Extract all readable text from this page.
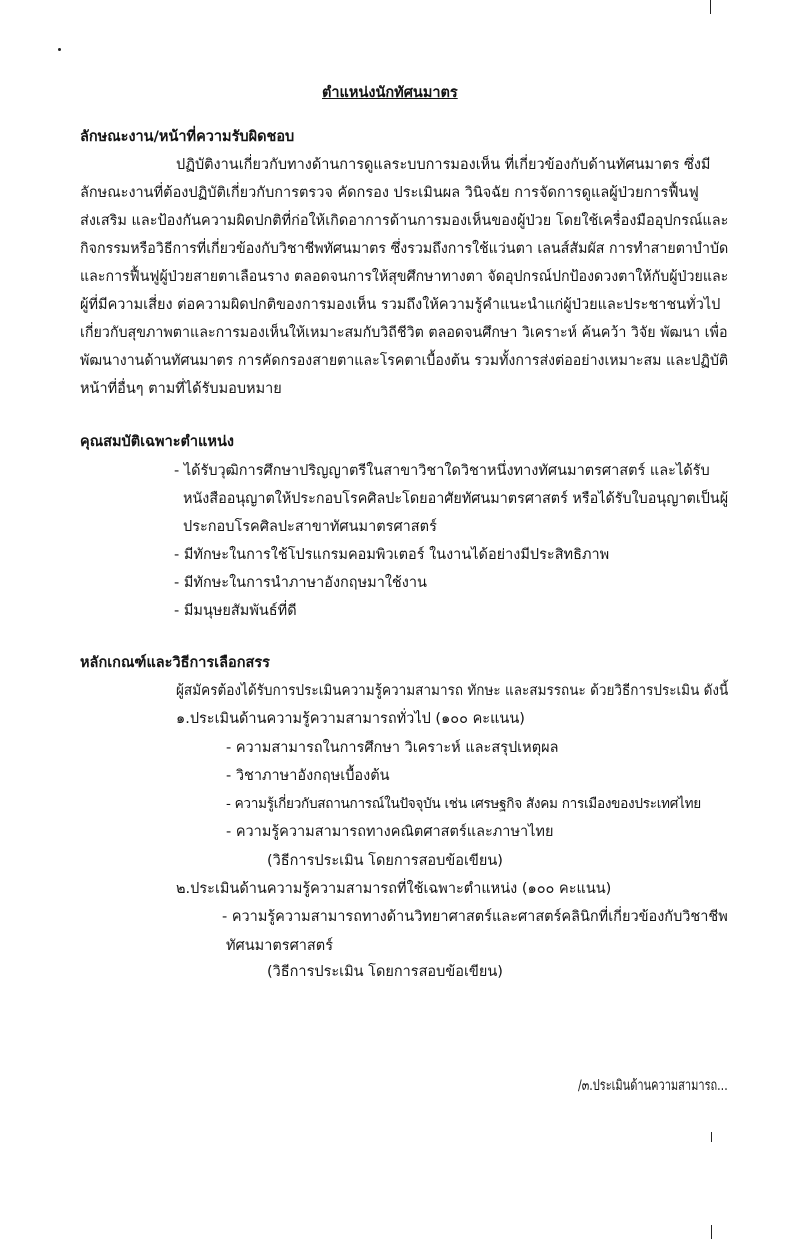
ตำแหน่งนักทัศนมาตร
ลักษณะงาน/หน้าที่ความรับผิดชอบ
ปฏิบัติงานเกี่ยวกับทางด้านการดูแลระบบการมองเห็น ที่เกี่ยวข้องกับด้านทัศนมาตร ซึ่งมี
ลักษณะงานที่ต้องปฏิบัติเกี่ยวกับการตรวจ คัดกรอง ประเมินผล วินิจฉัย การจัดการดูแลผู้ป่วยการฟื้นฟู
ส่งเสริม และป้องกันความผิดปกติที่ก่อให้เกิดอาการด้านการมองเห็นของผู้ป่วย โดยใช้เครื่องมืออุปกรณ์และ
กิจกรรมหรือวิธีการที่เกี่ยวข้องกับวิชาชีพทัศนมาตร ซึ่งรวมถึงการใช้แว่นตา เลนส์สัมผัส การทำสายตาบำบัด
และการฟื้นฟูผู้ป่วยสายตาเลือนราง ตลอดจนการให้สุขศึกษาทางตา จัดอุปกรณ์ปกป้องดวงตาให้กับผู้ป่วยและ
ผู้ที่มีความเสี่ยง ต่อความผิดปกติของการมองเห็น รวมถึงให้ความรู้คำแนะนำแก่ผู้ป่วยและประชาชนทั่วไป
เกี่ยวกับสุขภาพตาและการมองเห็นให้เหมาะสมกับวิถีชีวิต ตลอดจนศึกษา วิเคราะห์ ค้นคว้า วิจัย พัฒนา เพื่อ
พัฒนางานด้านทัศนมาตร การคัดกรองสายตาและโรคตาเบื้องต้น รวมทั้งการส่งต่ออย่างเหมาะสม และปฏิบัติ
หน้าที่อื่นๆ ตามที่ได้รับมอบหมาย
คุณสมบัติเฉพาะตำแหน่ง
- ได้รับวุฒิการศึกษาปริญญาตรีในสาขาวิชาใดวิชาหนึ่งทางทัศนมาตรศาสตร์ และได้รับ
หนังสืออนุญาตให้ประกอบโรคศิลปะโดยอาศัยทัศนมาตรศาสตร์ หรือได้รับใบอนุญาตเป็นผู้
ประกอบโรคศิลปะสาขาทัศนมาตรศาสตร์
- มีทักษะในการใช้โปรแกรมคอมพิวเตอร์ ในงานได้อย่างมีประสิทธิภาพ
- มีทักษะในการนำภาษาอังกฤษมาใช้งาน
- มีมนุษยสัมพันธ์ที่ดี
หลักเกณฑ์และวิธีการเลือกสรร
ผู้สมัครต้องได้รับการประเมินความรู้ความสามารถ ทักษะ และสมรรถนะ ด้วยวิธีการประเมิน ดังนี้
๑.ประเมินด้านความรู้ความสามารถทั่วไป (๑๐๐ คะแนน)
- ความสามารถในการศึกษา วิเคราะห์ และสรุปเหตุผล
- วิชาภาษาอังกฤษเบื้องต้น
- ความรู้เกี่ยวกับสถานการณ์ในปัจจุบัน เช่น เศรษฐกิจ สังคม การเมืองของประเทศไทย
- ความรู้ความสามารถทางคณิตศาสตร์และภาษาไทย
(วิธีการประเมิน โดยการสอบข้อเขียน)
๒.ประเมินด้านความรู้ความสามารถที่ใช้เฉพาะตำแหน่ง (๑๐๐ คะแนน)
- ความรู้ความสามารถทางด้านวิทยาศาสตร์และศาสตร์คลินิกที่เกี่ยวข้องกับวิชาชีพ
ทัศนมาตรศาสตร์
(วิธีการประเมิน โดยการสอบข้อเขียน)
/๓.ประเมินด้านความสามารถ...
